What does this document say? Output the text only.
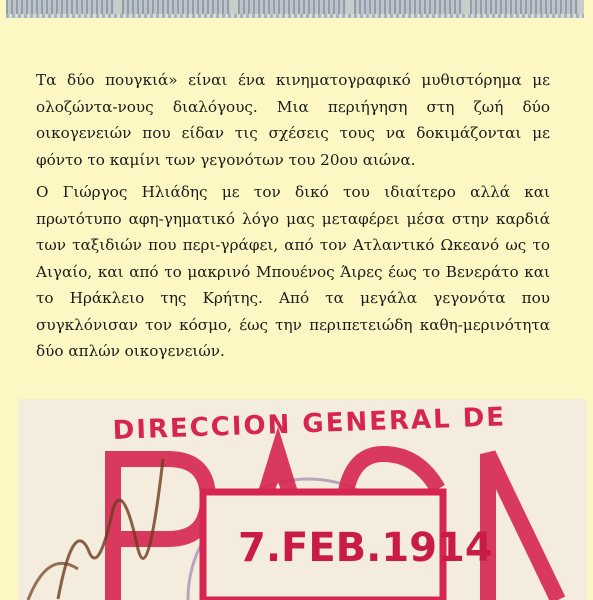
Τα δύο πουγκιά» είναι ένα κινηματογραφικό μυθιστόρημα με ολοζώντα-νους διαλόγους. Μια περιήγηση στη ζωή δύο οικογενειών που είδαν τις σχέσεις τους να δοκιμάζονται με φόντο το καμίνι των γεγονότων του 20ου αιώνα.

Ο Γιώργος Ηλιάδης με τον δικό του ιδιαίτερο αλλά και πρωτότυπο αφη-γηματικό λόγο μας μεταφέρει μέσα στην καρδιά των ταξιδιών που περι-γράφει, από τον Ατλαντικό Ωκεανό ως το Αιγαίο, και από το μακρινό Μπουένος Άιρες έως το Βενεράτο και το Ηράκλειο της Κρήτης. Από τα μεγάλα γεγονότα που συγκλόνισαν τον κόσμο, έως την περιπετειώδη καθη-μερινότητα δύο απλών οικογενειών.

DIRECCION GENERAL DE
7.FEB.1914
